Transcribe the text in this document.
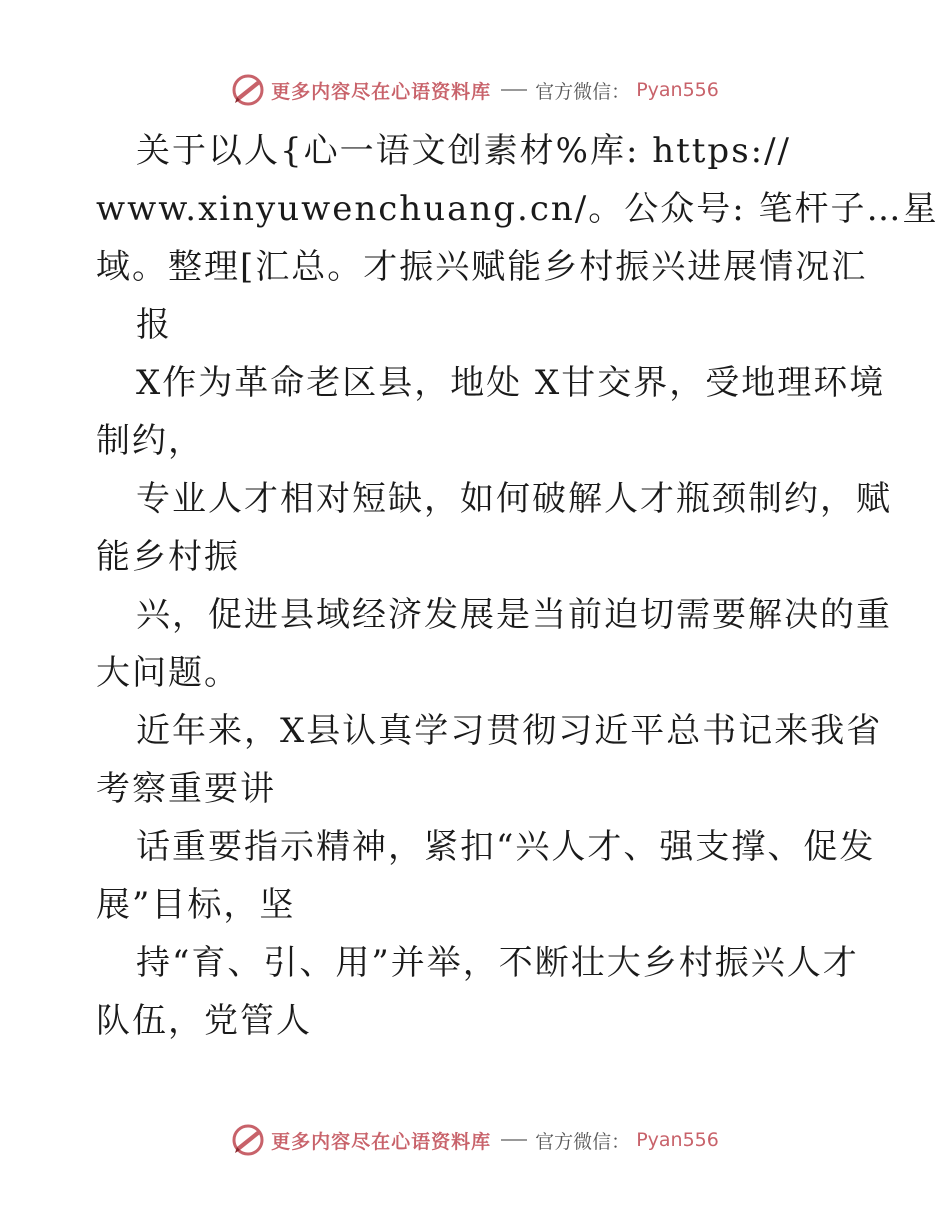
更多内容尽在心语资料库 官方微信： Pyan556
关于以人{心一语文创素材%库: https://
www.xinyuwenchuang.cn/。公众号: 笔杆子…星
域。整理[汇总。才振兴赋能乡村振兴进展情况汇
报
X作为革命老区县，地处 X甘交界，受地理环境
制约，
专业人才相对短缺，如何破解人才瓶颈制约，赋
能乡村振
兴，促进县域经济发展是当前迫切需要解决的重
大问题。
近年来，X县认真学习贯彻习近平总书记来我省
考察重要讲
话重要指示精神，紧扣“兴人才、强支撑、促发
展”目标，坚
持“育、引、用”并举，不断壮大乡村振兴人才
队伍，党管人
更多内容尽在心语资料库 官方微信： Pyan556
